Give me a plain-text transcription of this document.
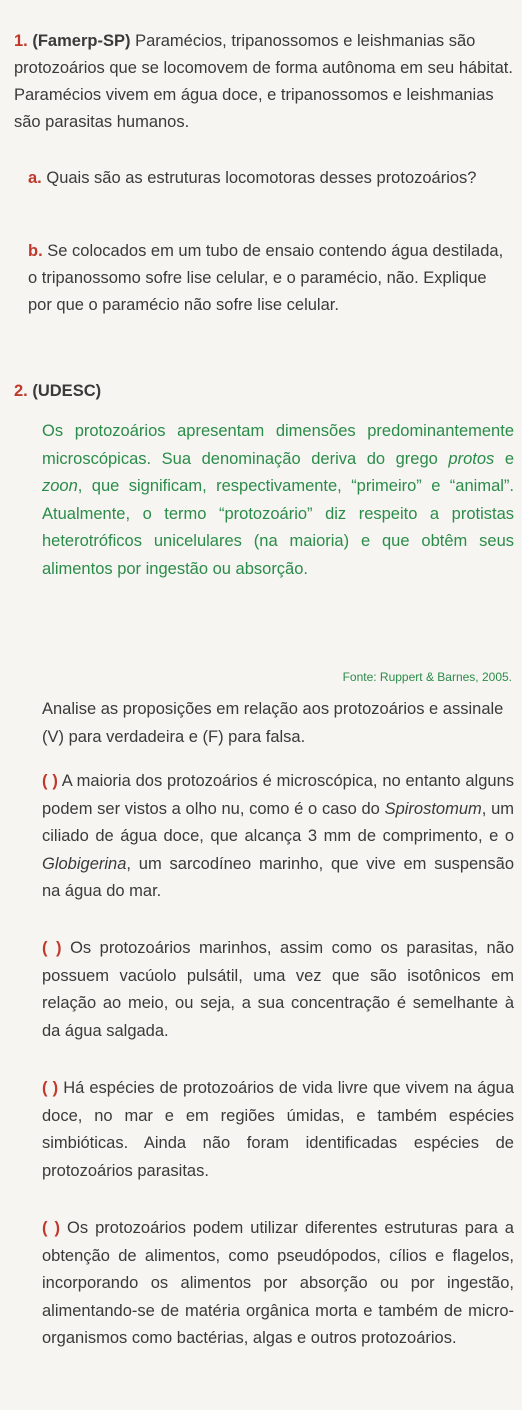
1. (Famerp-SP) Paramécios, tripanossomos e leishmanias são protozoários que se locomovem de forma autônoma em seu hábitat. Paramécios vivem em água doce, e tripanossomos e leishmanias são parasitas humanos.

a. Quais são as estruturas locomotoras desses protozoários?

b. Se colocados em um tubo de ensaio contendo água destilada, o tripanossomo sofre lise celular, e o paramécio, não. Explique por que o paramécio não sofre lise celular.

2. (UDESC)
Os protozoários apresentam dimensões predominantemente microscópicas. Sua denominação deriva do grego protos e zoon, que significam, respectivamente, “primeiro” e “animal”. Atualmente, o termo “protozoário” diz respeito a protistas heterotróficos unicelulares (na maioria) e que obtêm seus alimentos por ingestão ou absorção.
Fonte: Ruppert & Barnes, 2005.
Analise as proposições em relação aos protozoários e assinale (V) para verdadeira e (F) para falsa.
( ) A maioria dos protozoários é microscópica, no entanto alguns podem ser vistos a olho nu, como é o caso do Spirostomum, um ciliado de água doce, que alcança 3 mm de comprimento, e o Globigerina, um sarcodíneo marinho, que vive em suspensão na água do mar.
( ) Os protozoários marinhos, assim como os parasitas, não possuem vacúolo pulsátil, uma vez que são isotônicos em relação ao meio, ou seja, a sua concentração é semelhante à da água salgada.
( ) Há espécies de protozoários de vida livre que vivem na água doce, no mar e em regiões úmidas, e também espécies simbióticas. Ainda não foram identificadas espécies de protozoários parasitas.
( ) Os protozoários podem utilizar diferentes estruturas para a obtenção de alimentos, como pseudópodos, cílios e flagelos, incorporando os alimentos por absorção ou por ingestão, alimentando-se de matéria orgânica morta e também de micro-organismos como bactérias, algas e outros protozoários.
